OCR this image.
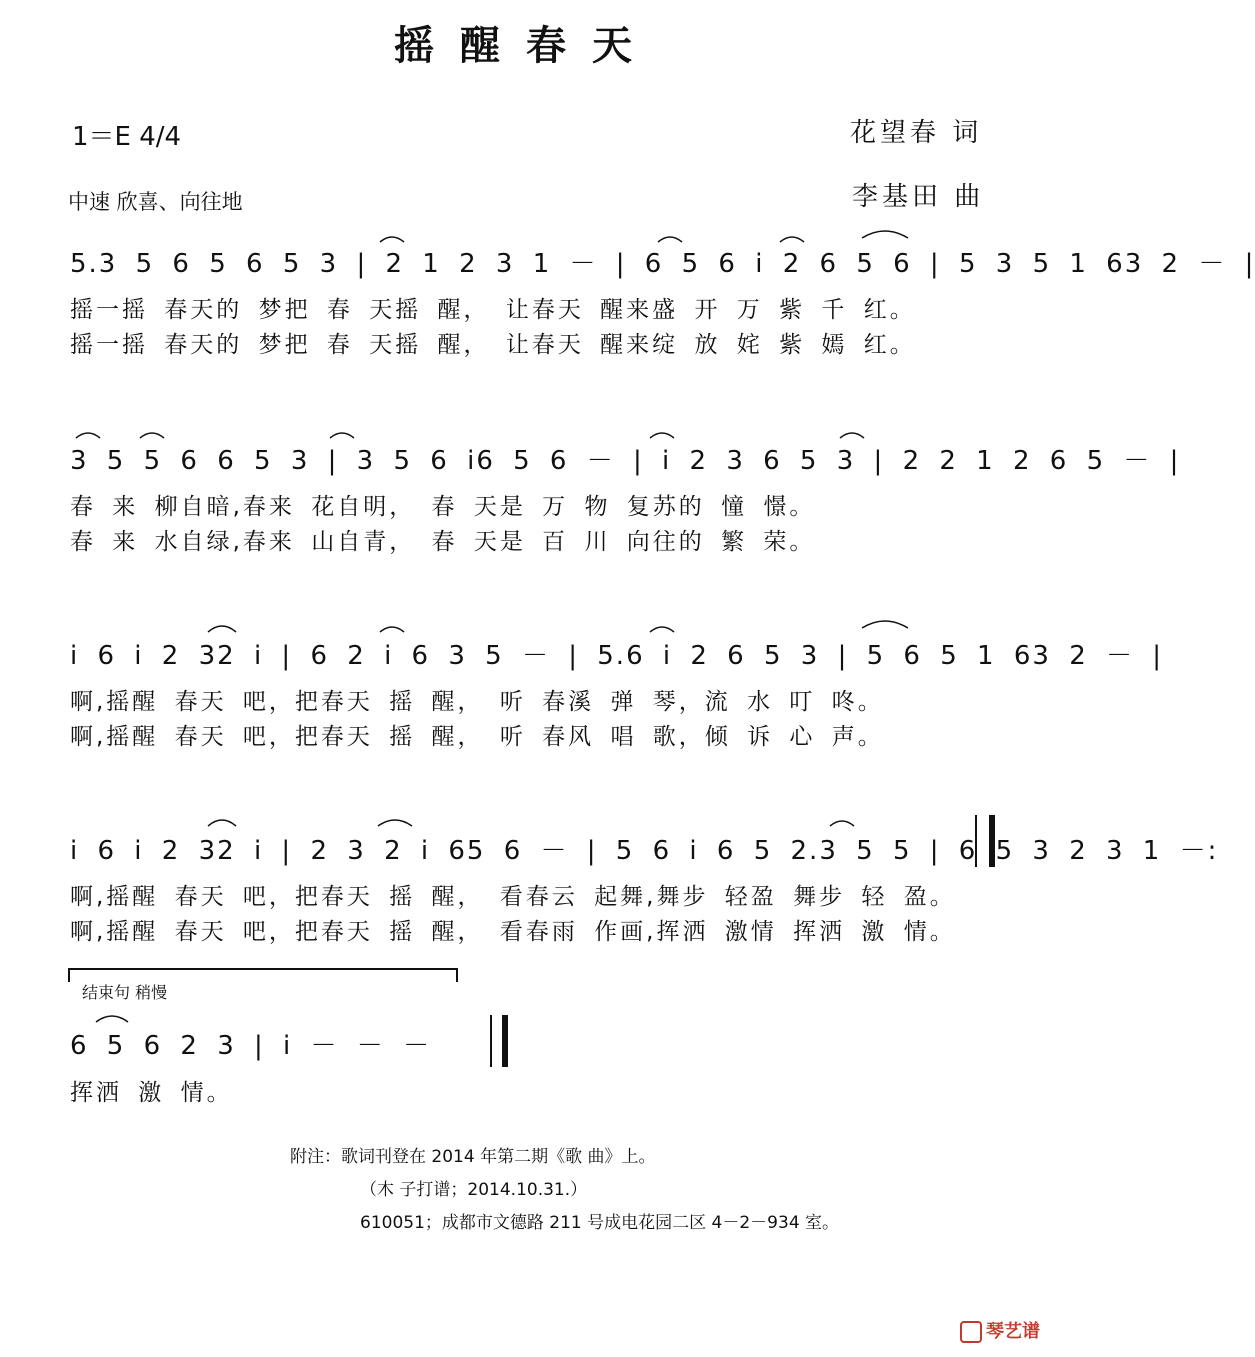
摇醒春天
1＝E 4/4
中速 欣喜、向往地
花望春 词
李基田 曲
5.3 5 6 5 6 5 3 | 2 1 2 3 1 － | 6 5 6 i 2 6 5 6 | 5 3 5 1 63 2 － |
摇一摇 春天的 梦把 春 天摇 醒， 让春天 醒来盛 开 万 紫 千 红。
摇一摇 春天的 梦把 春 天摇 醒， 让春天 醒来绽 放 姹 紫 嫣 红。
3 5 5 6 6 5 3 | 3 5 6 i6 5 6 － | i 2 3 6 5 3 | 2 2 1 2 6 5 － |
春 来 柳自暗,春来 花自明， 春 天是 万 物 复苏的 憧 憬。
春 来 水自绿,春来 山自青， 春 天是 百 川 向往的 繁 荣。
i 6 i 2 32 i | 6 2 i 6 3 5 － | 5.6 i 2 6 5 3 | 5 6 5 1 63 2 － |
啊,摇醒 春天 吧，把春天 摇 醒， 听 春溪 弹 琴，流 水 叮 咚。
啊,摇醒 春天 吧，把春天 摇 醒， 听 春风 唱 歌，倾 诉 心 声。
i 6 i 2 32 i | 2 3 2 i 65 6 － | 5 6 i 6 5 2.3 5 5 | 6 5 3 2 3 1 －:
啊,摇醒 春天 吧，把春天 摇 醒， 看春云 起舞,舞步 轻盈 舞步 轻 盈。
啊,摇醒 春天 吧，把春天 摇 醒， 看春雨 作画,挥洒 激情 挥洒 激 情。
结束句 稍慢
6 5 6 2 3 | i － － －
挥洒 激 情。
附注：歌词刊登在 2014 年第二期《歌 曲》上。
（木 子打谱；2014.10.31.）
610051；成都市文德路 211 号成电花园二区 4－2－934 室。
琴艺谱
